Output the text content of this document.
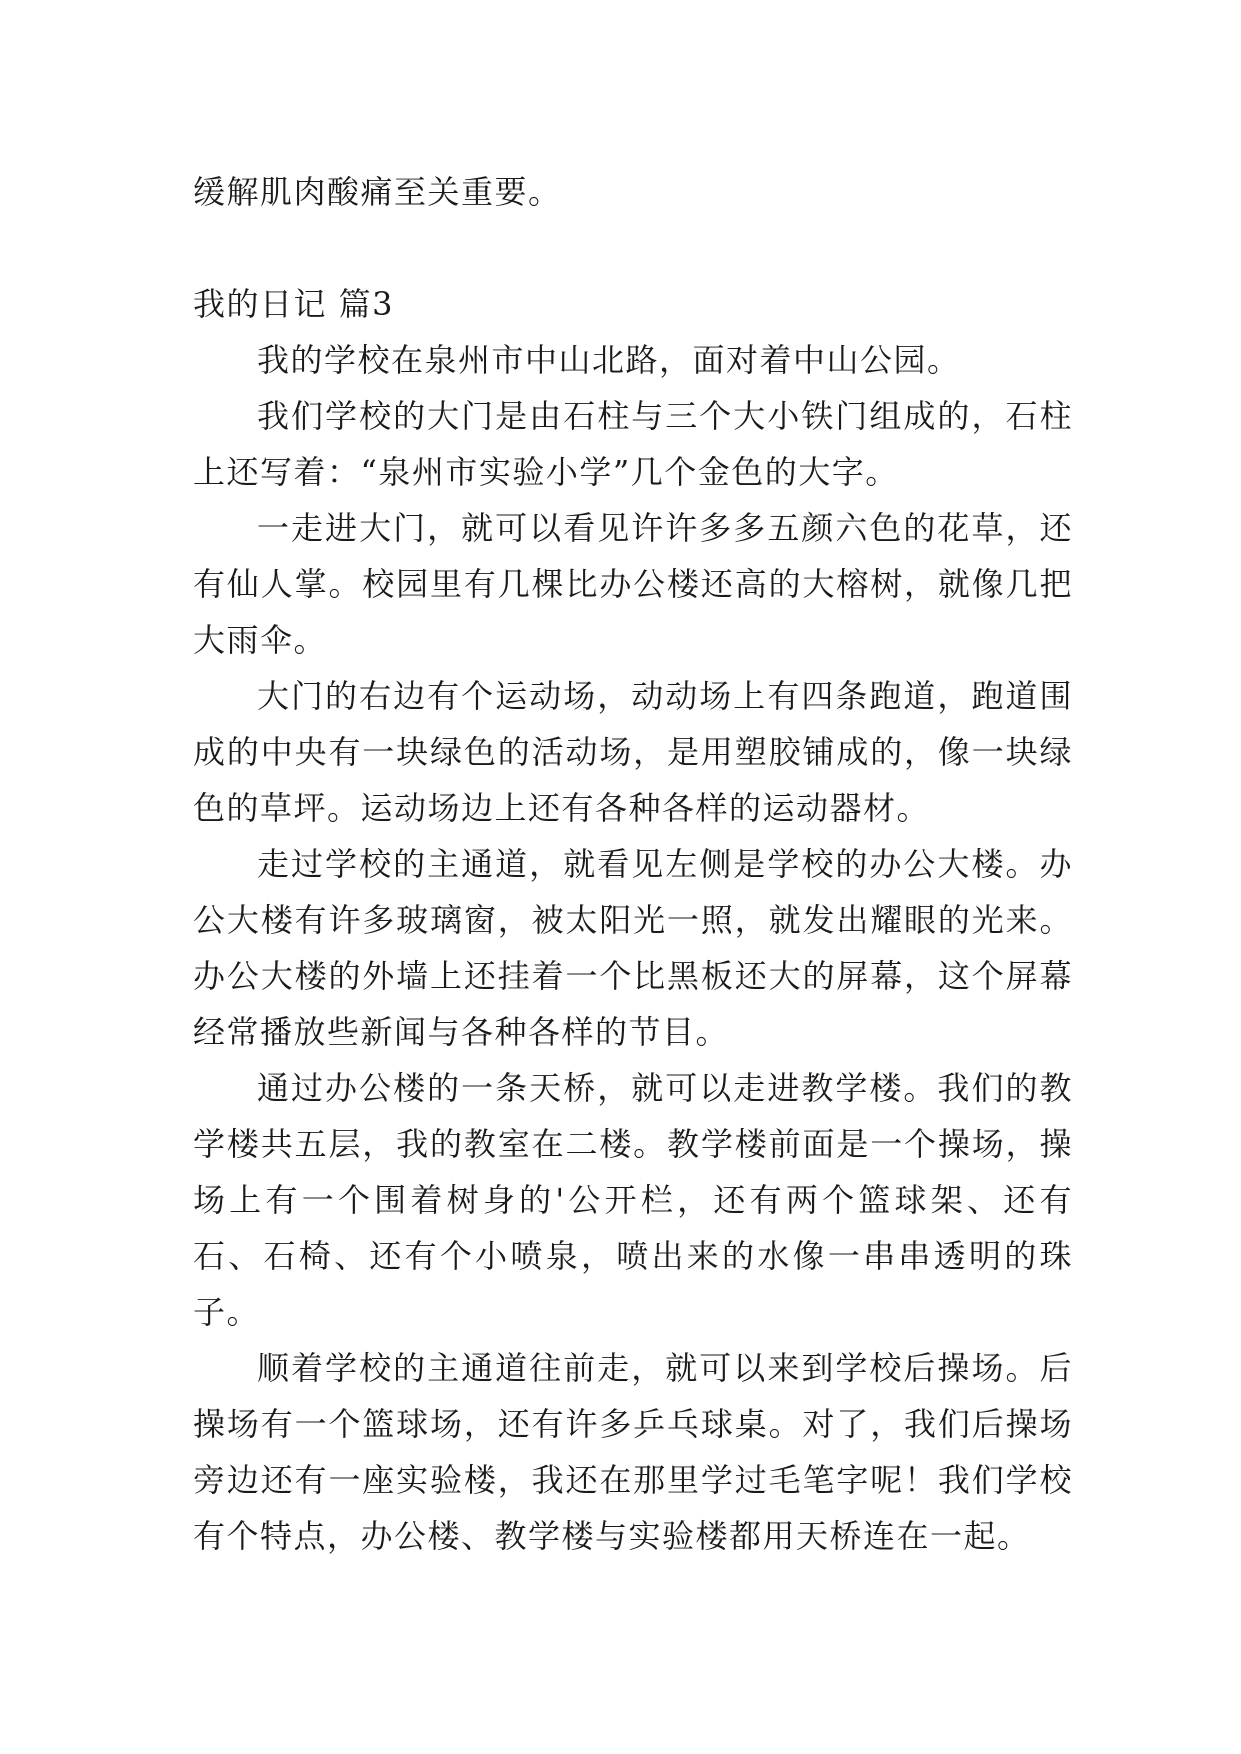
缓解肌肉酸痛至关重要。

我的日记 篇3

我的学校在泉州市中山北路，面对着中山公园。

我们学校的大门是由石柱与三个大小铁门组成的，石柱上还写着：“泉州市实验小学”几个金色的大字。

一走进大门，就可以看见许许多多五颜六色的花草，还有仙人掌。校园里有几棵比办公楼还高的大榕树，就像几把大雨伞。

大门的右边有个运动场，动动场上有四条跑道，跑道围成的中央有一块绿色的活动场，是用塑胶铺成的，像一块绿色的草坪。运动场边上还有各种各样的运动器材。

走过学校的主通道，就看见左侧是学校的办公大楼。办公大楼有许多玻璃窗，被太阳光一照，就发出耀眼的光来。办公大楼的外墙上还挂着一个比黑板还大的屏幕，这个屏幕经常播放些新闻与各种各样的节目。

通过办公楼的一条天桥，就可以走进教学楼。我们的教学楼共五层，我的教室在二楼。教学楼前面是一个操场，操场上有一个围着树身的'公开栏，还有两个篮球架、还有石、石椅、还有个小喷泉，喷出来的水像一串串透明的珠子。

顺着学校的主通道往前走，就可以来到学校后操场。后操场有一个篮球场，还有许多乒乓球桌。对了，我们后操场旁边还有一座实验楼，我还在那里学过毛笔字呢！我们学校有个特点，办公楼、教学楼与实验楼都用天桥连在一起。
